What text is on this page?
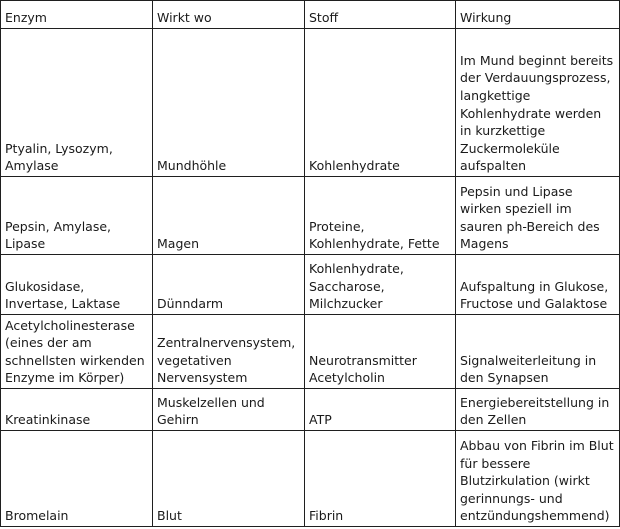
Enzym	Wirkt wo	Stoff	Wirkung
Ptyalin, Lysozym, Amylase	Mundhöhle	Kohlenhydrate	Im Mund beginnt bereits der Verdauungsprozess, langkettige Kohlenhydrate werden in kurzkettige Zuckermoleküle aufspalten
Pepsin, Amylase, Lipase	Magen	Proteine, Kohlenhydrate, Fette	Pepsin und Lipase wirken speziell im sauren ph-Bereich des Magens
Glukosidase, Invertase, Laktase	Dünndarm	Kohlenhydrate, Saccharose, Milchzucker	Aufspaltung in Glukose, Fructose und Galaktose
Acetylcholinesterase (eines der am schnellsten wirkenden Enzyme im Körper)	Zentralnervensystem, vegetativen Nervensystem	Neurotransmitter Acetylcholin	Signalweiterleitung in den Synapsen
Kreatinkinase	Muskelzellen und Gehirn	ATP	Energiebereitstellung in den Zellen
Bromelain	Blut	Fibrin	Abbau von Fibrin im Blut für bessere Blutzirkulation (wirkt gerinnungs- und entzündungshemmend)
